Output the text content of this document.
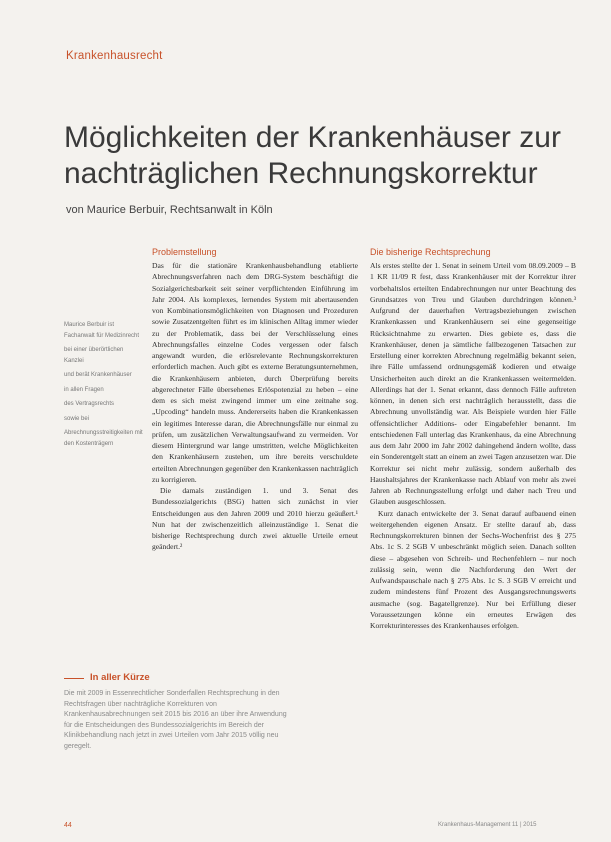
Krankenhausrecht
Möglichkeiten der Krankenhäuser zur nachträglichen Rechnungskorrektur
von Maurice Berbuir, Rechtsanwalt in Köln

Maurice Berbuir ist Fachanwalt für Medizinrecht

bei einer überörtlichen Kanzlei

und berät Krankenhäuser

in allen Fragen

des Vertragsrechts

sowie bei

Abrechnungsstreitigkeiten mit den Kostenträgern

Problemstellung

Das für die stationäre Krankenhausbehandlung etablierte Abrechnungsverfahren nach dem DRG-System beschäftigt die Sozialgerichtsbarkeit seit seiner verpflichtenden Einführung im Jahr 2004. Als komplexes, lernendes System mit abertausenden von Kombinationsmöglichkeiten von Diagnosen und Prozeduren sowie Zusatzentgelten führt es im klinischen Alltag immer wieder zu der Problematik, dass bei der Verschlüsselung eines Abrechnungsfalles einzelne Codes vergessen oder falsch angewandt wurden, die erlösrelevante Rechnungskorrekturen erforderlich machen. Auch gibt es externe Beratungsunternehmen, die Krankenhäusern anbieten, durch Überprüfung bereits abgerechneter Fälle übersehenes Erlöspotenzial zu heben – eine dem es sich meist zwingend immer um eine zeitnahe sog. „Upcoding“ handeln muss. Andererseits haben die Krankenkassen ein legitimes Interesse daran, die Abrechnungsfälle nur einmal zu prüfen, um zusätzlichen Verwaltungsaufwand zu vermeiden. Vor diesem Hintergrund war lange umstritten, welche Möglichkeiten den Krankenhäusern zustehen, um ihre bereits verschuldete erteilten Abrechnungen gegenüber den Krankenkassen nachträglich zu korrigieren.

Die damals zuständigen 1. und 3. Senat des Bundessozialgerichts (BSG) hatten sich zunächst in vier Entscheidungen aus den Jahren 2009 und 2010 hierzu geäußert.¹ Nun hat der zwischenzeitlich alleinzuständige 1. Senat die bisherige Rechtsprechung durch zwei aktuelle Urteile erneut geändert.²

Die bisherige Rechtsprechung

Als erstes stellte der 1. Senat in seinem Urteil vom 08.09.2009 – B 1 KR 11/09 R fest, dass Krankenhäuser mit der Korrektur ihrer vorbehaltslos erteilten Endabrechnungen nur unter Beachtung des Grundsatzes von Treu und Glauben durchdringen können.³ Aufgrund der dauerhaften Vertragsbeziehungen zwischen Krankenkassen und Krankenhäusern sei eine gegenseitige Rücksichtnahme zu erwarten. Dies gebiete es, dass die Krankenhäuser, denen ja sämtliche fallbezogenen Tatsachen zur Erstellung einer korrekten Abrechnung regelmäßig bekannt seien, ihre Fälle umfassend ordnungsgemäß kodieren und etwaige Unsicherheiten auch direkt an die Krankenkassen weitermelden. Allerdings hat der 1. Senat erkannt, dass dennoch Fälle auftreten können, in denen sich erst nachträglich herausstellt, dass die Abrechnung unvollständig war. Als Beispiele wurden hier Fälle offensichtlicher Additions- oder Eingabefehler benannt. Im entschiedenen Fall unterlag das Krankenhaus, da eine Abrechnung aus dem Jahr 2000 im Jahr 2002 dahingehend ändern wollte, dass ein Sonderentgelt statt an einem an zwei Tagen anzusetzen war. Die Korrektur sei nicht mehr zulässig, sondern außerhalb des Haushaltsjahres der Krankenkasse nach Ablauf von mehr als zwei Jahren ab Rechnungsstellung erfolgt und daher nach Treu und Glauben ausgeschlossen.

Kurz danach entwickelte der 3. Senat darauf aufbauend einen weitergehenden eigenen Ansatz. Er stellte darauf ab, dass Rechnungskorrekturen binnen der Sechs-Wochenfrist des § 275 Abs. 1c S. 2 SGB V unbeschränkt möglich seien. Danach sollten diese – abgesehen von Schreib- und Rechenfehlern – nur noch zulässig sein, wenn die Nachforderung den Wert der Aufwandspauschale nach § 275 Abs. 1c S. 3 SGB V erreicht und zudem mindestens fünf Prozent des Ausgangsrechnungswerts ausmache (sog. Bagatellgrenze). Nur bei Erfüllung dieser Voraussetzungen könne ein erneutes Erwägen des Korrekturinteresses des Krankenhauses erfolgen.

In aller Kürze

Die mit 2009 in Essenrechtlicher Sonderfallen Rechtsprechung in den Rechtsfragen über nachträgliche Korrekturen von Krankenhausabrechnungen seit 2015 bis 2016 an über ihre Anwendung für die Entscheidungen des Bundessozialgerichts im Bereich der Klinikbehandlung nach jetzt in zwei Urteilen vom Jahr 2015 völlig neu geregelt.

44	Krankenhaus-Management 11 | 2015
